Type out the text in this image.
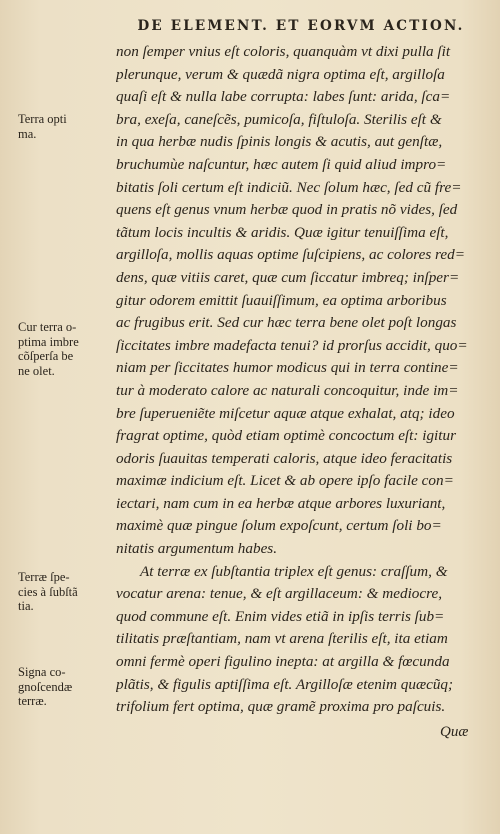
DE ELEMENT. ET EORVM ACTION.
non ſemper vnius eſt coloris, quanquàm vt dixi pulla ſit
plerunque, verum & quædã nigra optima eſt, argilloſa
quaſi eſt & nulla labe corrupta: labes ſunt: arida, ſca=
bra, exeſa, caneſcẽs, pumicoſa, fiſtuloſa. Sterilis eſt &
in qua herbæ nudis ſpinis longis & acutis, aut genſtæ,
bruchumùe naſcuntur, hæc autem ſi quid aliud impro=
bitatis ſoli certum eſt indiciũ. Nec ſolum hæc, ſed cũ fre=
quens eſt genus vnum herbæ quod in pratis nõ vides, ſed
tãtum locis incultis & aridis. Quæ igitur tenuiſſima eſt,
argilloſa, mollis aquas optime ſuſcipiens, ac colores red=
dens, quæ vitiis caret, quæ cum ſiccatur imbreq; inſper=
gitur odorem emittit ſuauiſſimum, ea optima arboribus
ac frugibus erit. Sed cur hæc terra bene olet poſt longas
ſiccitates imbre madefacta tenui? id prorſus accidit, quo=
niam per ſiccitates humor modicus qui in terra contine=
tur à moderato calore ac naturali concoquitur, inde im=
bre ſuperueniẽte miſcetur aquæ atque exhalat, atq; ideo
fragrat optime, quòd etiam optimè concoctum eſt: igitur
odoris ſuauitas temperati caloris, atque ideo feracitatis
maximæ indicium eſt. Licet & ab opere ipſo facile con=
iectari, nam cum in ea herbæ atque arbores luxuriant,
maximè quæ pingue ſolum expoſcunt, certum ſoli bo=
nitatis argumentum habes.
At terræ ex ſubſtantia triplex eſt genus: craſſum, &
vocatur arena: tenue, & eſt argillaceum: & mediocre,
quod commune eſt. Enim vides etiã in ipſis terris ſub=
tilitatis præſtantiam, nam vt arena ſterilis eſt, ita etiam
omni fermè operi figulino inepta: at argilla & fœcunda
plãtis, & figulis aptiſſima eſt. Argilloſæ etenim quæcũq;
trifolium fert optima, quæ gramẽ proxima pro paſcuis.
Terra opti
ma.
Cur terra o-
ptima imbre
cõſperſa be
ne olet.
Terræ ſpe-
cies à ſubſtã
tia.
Signa co-
gnoſcendæ
terræ.
Quæ
